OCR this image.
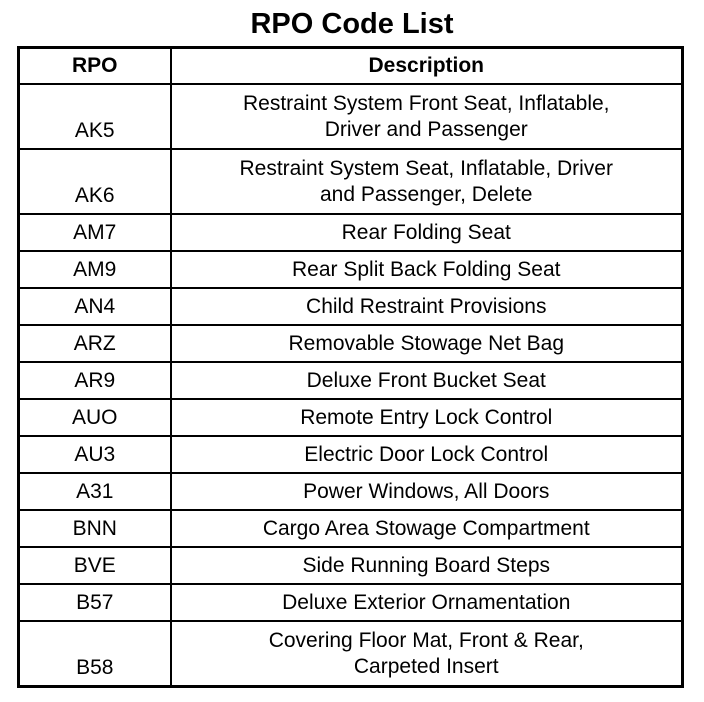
RPO Code List
RPO	Description
AK5	Restraint System Front Seat, Inflatable,
Driver and Passenger
AK6	Restraint System Seat, Inflatable, Driver
and Passenger, Delete
AM7	Rear Folding Seat
AM9	Rear Split Back Folding Seat
AN4	Child Restraint Provisions
ARZ	Removable Stowage Net Bag
AR9	Deluxe Front Bucket Seat
AUO	Remote Entry Lock Control
AU3	Electric Door Lock Control
A31	Power Windows, All Doors
BNN	Cargo Area Stowage Compartment
BVE	Side Running Board Steps
B57	Deluxe Exterior Ornamentation
B58	Covering Floor Mat, Front & Rear,
Carpeted Insert
